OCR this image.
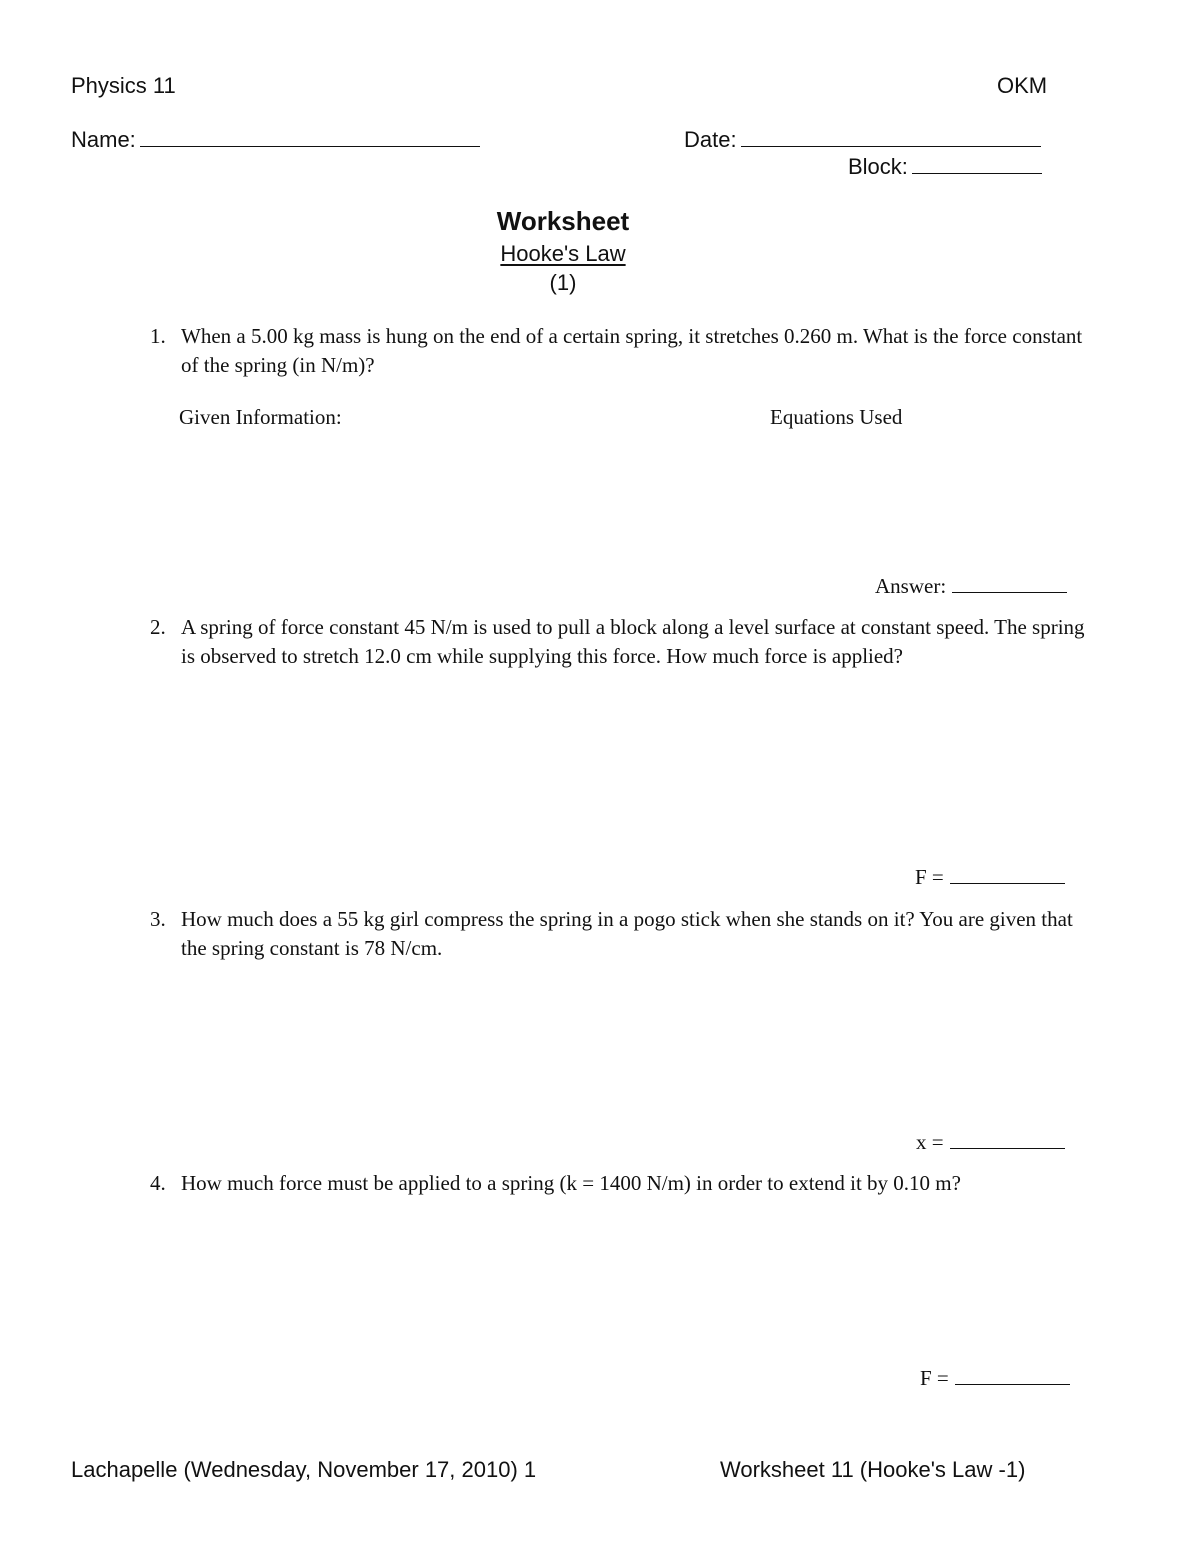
Physics 11	OKM
Name:	Date:
Block:
Worksheet
Hooke's Law
(1)
1. When a 5.00 kg mass is hung on the end of a certain spring, it stretches 0.260 m. What is the force constant of the spring (in N/m)?
Given Information:	Equations Used
Answer:
2. A spring of force constant 45 N/m is used to pull a block along a level surface at constant speed. The spring is observed to stretch 12.0 cm while supplying this force. How much force is applied?
F =
3. How much does a 55 kg girl compress the spring in a pogo stick when she stands on it? You are given that the spring constant is 78 N/cm.
x =
4. How much force must be applied to a spring (k = 1400 N/m) in order to extend it by 0.10 m?
F =
Lachapelle (Wednesday, November 17, 2010) 1	Worksheet 11 (Hooke's Law -1)
